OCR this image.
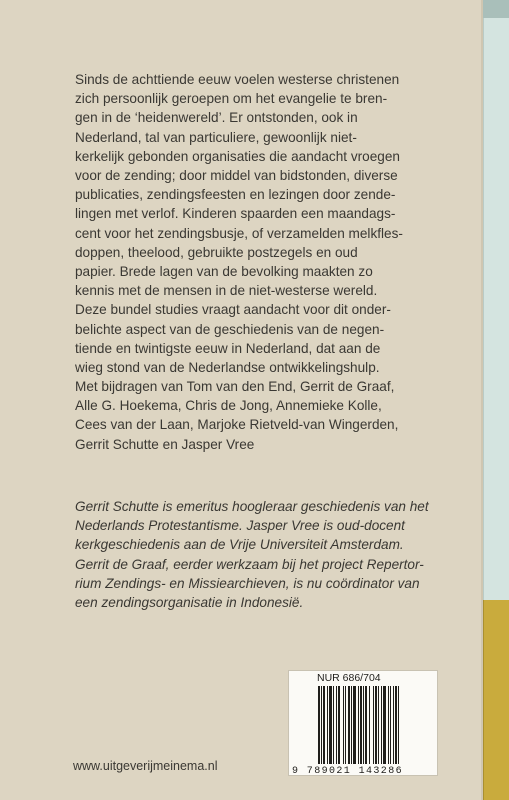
Sinds de achttiende eeuw voelen westerse christenen
zich persoonlijk geroepen om het evangelie te bren-
gen in de ‘heidenwereld’. Er ontstonden, ook in
Nederland, tal van particuliere, gewoonlijk niet-
kerkelijk gebonden organisaties die aandacht vroegen
voor de zending; door middel van bidstonden, diverse
publicaties, zendingsfeesten en lezingen door zende-
lingen met verlof. Kinderen spaarden een maandags-
cent voor het zendingsbusje, of verzamelden melkfles-
doppen, theelood, gebruikte postzegels en oud
papier. Brede lagen van de bevolking maakten zo
kennis met de mensen in de niet-westerse wereld.
Deze bundel studies vraagt aandacht voor dit onder-
belichte aspect van de geschiedenis van de negen-
tiende en twintigste eeuw in Nederland, dat aan de
wieg stond van de Nederlandse ontwikkelingshulp.
Met bijdragen van Tom van den End, Gerrit de Graaf,
Alle G. Hoekema, Chris de Jong, Annemieke Kolle,
Cees van der Laan, Marjoke Rietveld-van Wingerden,
Gerrit Schutte en Jasper Vree
Gerrit Schutte is emeritus hoogleraar geschiedenis van het
Nederlands Protestantisme. Jasper Vree is oud-docent
kerkgeschiedenis aan de Vrije Universiteit Amsterdam.
Gerrit de Graaf, eerder werkzaam bij het project Repertor-
rium Zendings- en Missiearchieven, is nu coördinator van
een zendingsorganisatie in Indonesië.
NUR 686/704
9 789021 143286
www.uitgeverijmeinema.nl
